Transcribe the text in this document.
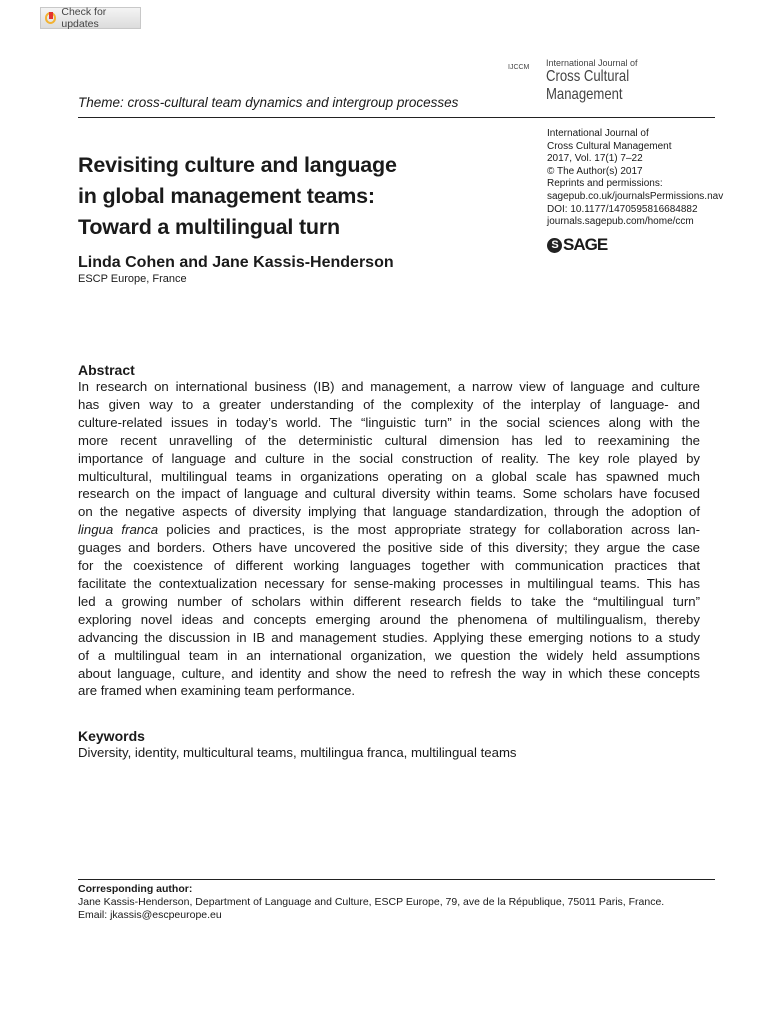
Check for updates
IJCCM International Journal of
Cross Cultural
Management
Theme: cross-cultural team dynamics and intergroup processes
International Journal of
Cross Cultural Management
2017, Vol. 17(1) 7–22
© The Author(s) 2017
Reprints and permissions:
sagepub.co.uk/journalsPermissions.nav
DOI: 10.1177/1470595816684882
journals.sagepub.com/home/ccm
S SAGE
Revisiting culture and language
in global management teams:
Toward a multilingual turn
Linda Cohen and Jane Kassis-Henderson
ESCP Europe, France
Abstract
In research on international business (IB) and management, a narrow view of language and culture
has given way to a greater understanding of the complexity of the interplay of language- and
culture-related issues in today’s world. The “linguistic turn” in the social sciences along with the
more recent unravelling of the deterministic cultural dimension has led to reexamining the
importance of language and culture in the social construction of reality. The key role played by
multicultural, multilingual teams in organizations operating on a global scale has spawned much
research on the impact of language and cultural diversity within teams. Some scholars have focused
on the negative aspects of diversity implying that language standardization, through the adoption of
lingua franca policies and practices, is the most appropriate strategy for collaboration across lan-
guages and borders. Others have uncovered the positive side of this diversity; they argue the case
for the coexistence of different working languages together with communication practices that
facilitate the contextualization necessary for sense-making processes in multilingual teams. This has
led a growing number of scholars within different research fields to take the “multilingual turn”
exploring novel ideas and concepts emerging around the phenomena of multilingualism, thereby
advancing the discussion in IB and management studies. Applying these emerging notions to a study
of a multilingual team in an international organization, we question the widely held assumptions
about language, culture, and identity and show the need to refresh the way in which these concepts
are framed when examining team performance.
Keywords
Diversity, identity, multicultural teams, multilingua franca, multilingual teams
Corresponding author:
Jane Kassis-Henderson, Department of Language and Culture, ESCP Europe, 79, ave de la République, 75011 Paris, France.
Email: jkassis@escpeurope.eu
